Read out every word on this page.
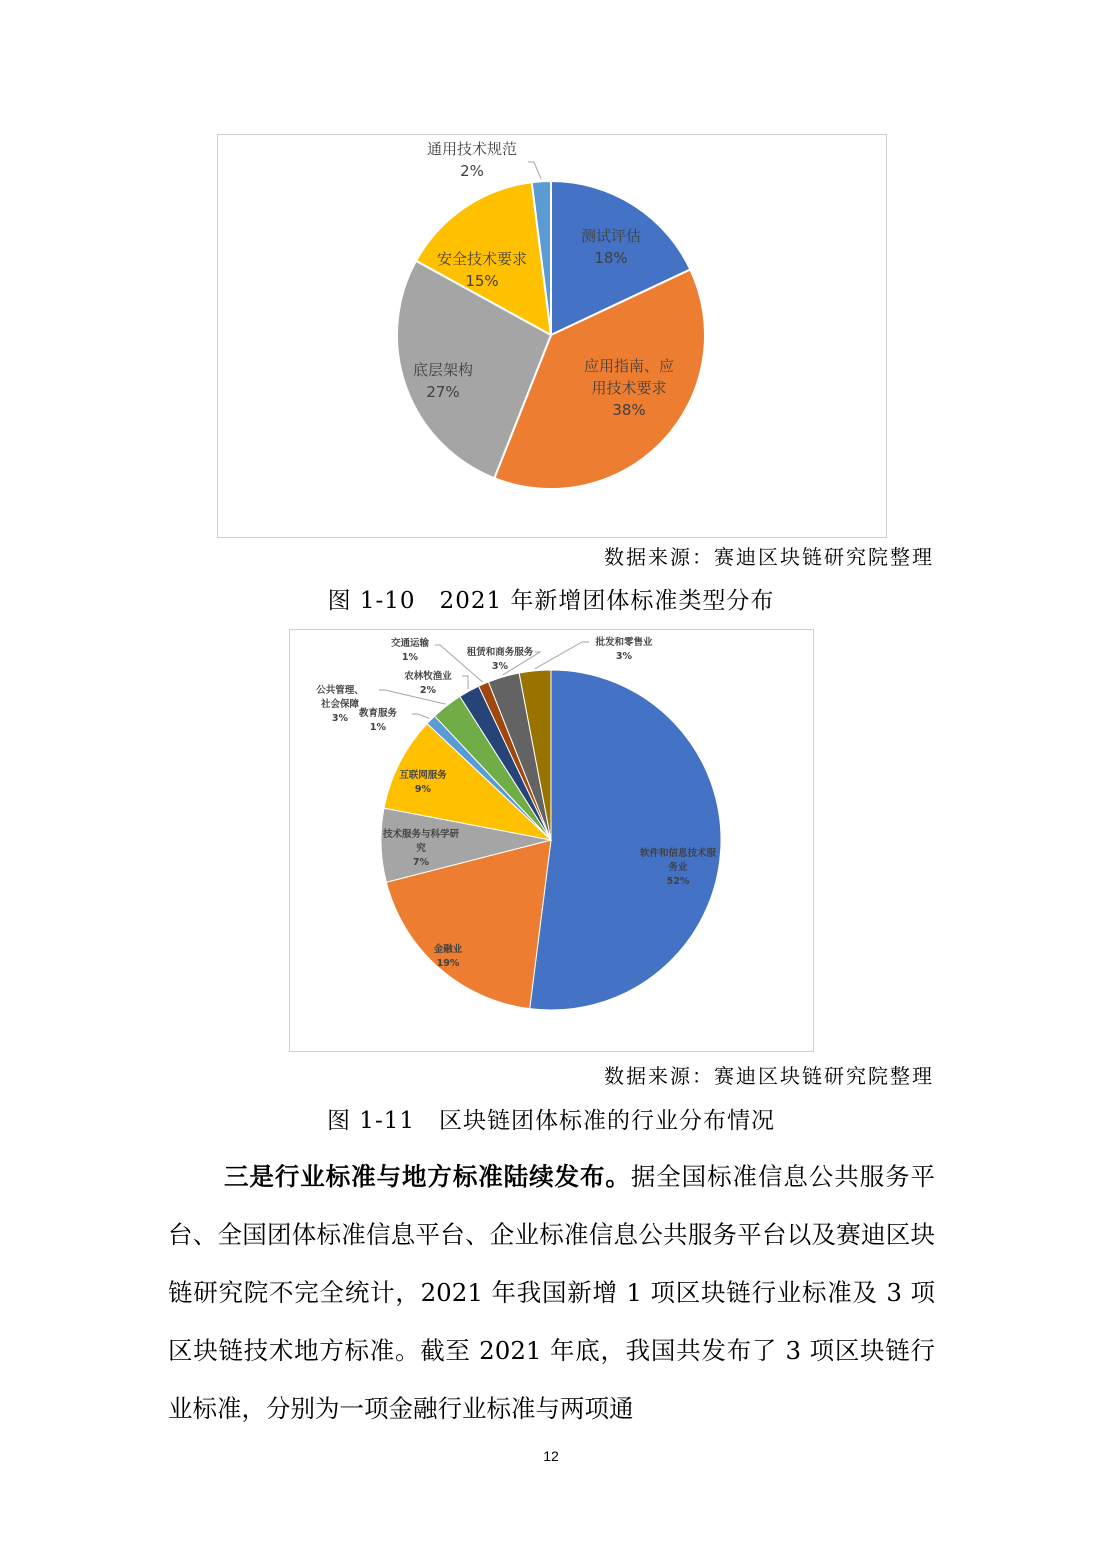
测试评估 18%
应用指南、应用技术要求 38%
底层架构 27%
安全技术要求 15%
通用技术规范 2%
数据来源：赛迪区块链研究院整理
图 1-10　2021 年新增团体标准类型分布
软件和信息技术服务业 52%
金融业 19%
技术服务与科学研究 7%
互联网服务 9%
教育服务 1%
公共管理、社会保障 3%
农林牧渔业 2%
交通运输 1%	租赁和商务服务 3%
批发和零售业 3%
数据来源：赛迪区块链研究院整理
图 1-11　区块链团体标准的行业分布情况
三是行业标准与地方标准陆续发布。据全国标准信息公共服务平台、全国团体标准信息平台、企业标准信息公共服务平台以及赛迪区块链研究院不完全统计，2021 年我国新增 1 项区块链行业标准及 3 项区块链技术地方标准。截至 2021 年底，我国共发布了 3 项区块链行业标准，分别为一项金融行业标准与两项通
12
